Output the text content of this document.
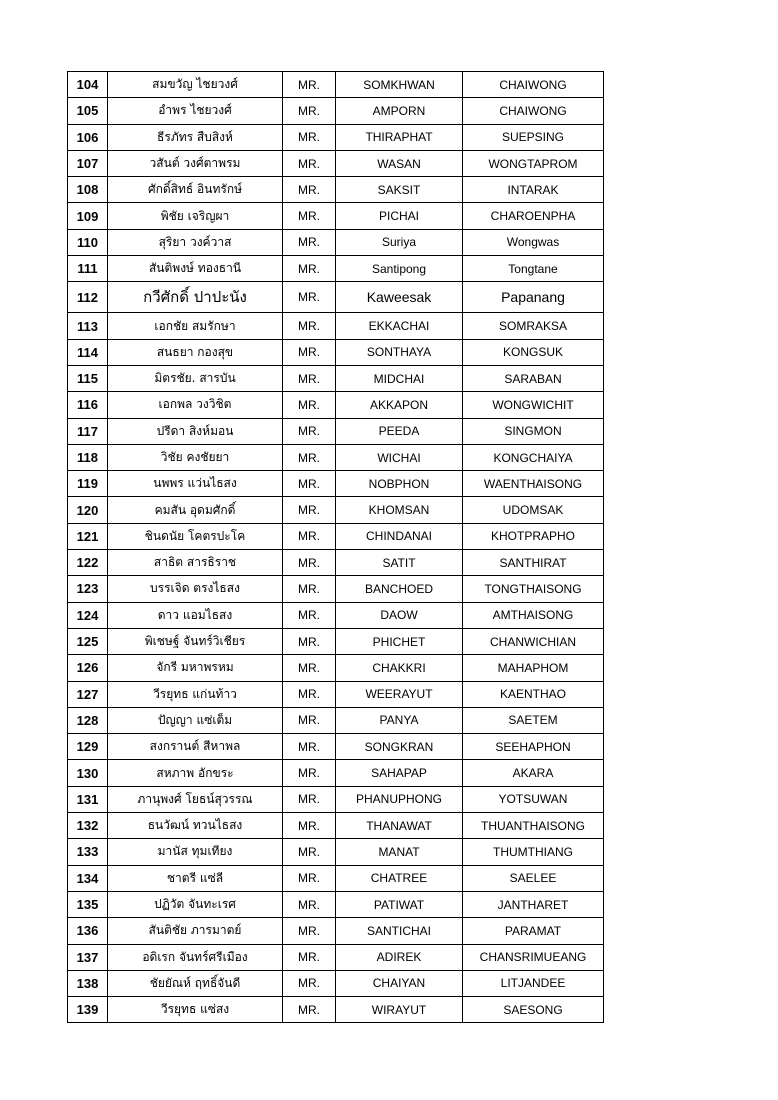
104	สมขวัญ ไชยวงศ์	MR.	SOMKHWAN	CHAIWONG
105	อำพร ไชยวงศ์	MR.	AMPORN	CHAIWONG
106	ธีรภัทร สืบสิงห์	MR.	THIRAPHAT	SUEPSING
107	วสันต์ วงศ์ตาพรม	MR.	WASAN	WONGTAPROM
108	ศักดิ์สิทธ์ อินทรักษ์	MR.	SAKSIT	INTARAK
109	พิชัย เจริญผา	MR.	PICHAI	CHAROENPHA
110	สุริยา วงค์วาส	MR.	Suriya	Wongwas
111	สันติพงษ์ ทองธานี	MR.	Santipong	Tongtane
112	กวีศักดิ์ ปาปะนัง	MR.	Kaweesak	Papanang
113	เอกชัย สมรักษา	MR.	EKKACHAI	SOMRAKSA
114	สนธยา กองสุข	MR.	SONTHAYA	KONGSUK
115	มิตรชัย. สารบัน	MR.	MIDCHAI	SARABAN
116	เอกพล วงวิชิต	MR.	AKKAPON	WONGWICHIT
117	ปรีดา สิงห์มอน	MR.	PEEDA	SINGMON
118	วิชัย คงชัยยา	MR.	WICHAI	KONGCHAIYA
119	นพพร แว่นไธสง	MR.	NOBPHON	WAENTHAISONG
120	คมสัน อุดมศักดิ์	MR.	KHOMSAN	UDOMSAK
121	ชินดนัย โคตรปะโค	MR.	CHINDANAI	KHOTPRAPHO
122	สาธิต สารธิราช	MR.	SATIT	SANTHIRAT
123	บรรเจิด ตรงไธสง	MR.	BANCHOED	TONGTHAISONG
124	ดาว แอมไธสง	MR.	DAOW	AMTHAISONG
125	พิเชษฐ์ จันทร์วิเชียร	MR.	PHICHET	CHANWICHIAN
126	จักรี มหาพรหม	MR.	CHAKKRI	MAHAPHOM
127	วีรยุทธ แก่นท้าว	MR.	WEERAYUT	KAENTHAO
128	ปัญญา แซ่เต็ม	MR.	PANYA	SAETEM
129	สงกรานต์ สีหาพล	MR.	SONGKRAN	SEEHAPHON
130	สหภาพ อักขระ	MR.	SAHAPAP	AKARA
131	ภานุพงศ์ โยธน์สุวรรณ	MR.	PHANUPHONG	YOTSUWAN
132	ธนวัฒน์ ทวนไธสง	MR.	THANAWAT	THUANTHAISONG
133	มานัส ทุมเทียง	MR.	MANAT	THUMTHIANG
134	ชาตรี แซ่ลี	MR.	CHATREE	SAELEE
135	ปฏิวัต จันทะเรศ	MR.	PATIWAT	JANTHARET
136	สันติชัย ภารมาตย์	MR.	SANTICHAI	PARAMAT
137	อดิเรก จันทร์ศรีเมือง	MR.	ADIREK	CHANSRIMUEANG
138	ชัยยัณห์ ฤทธิ์จันดี	MR.	CHAIYAN	LITJANDEE
139	วีรยุทธ แซ่สง	MR.	WIRAYUT	SAESONG
